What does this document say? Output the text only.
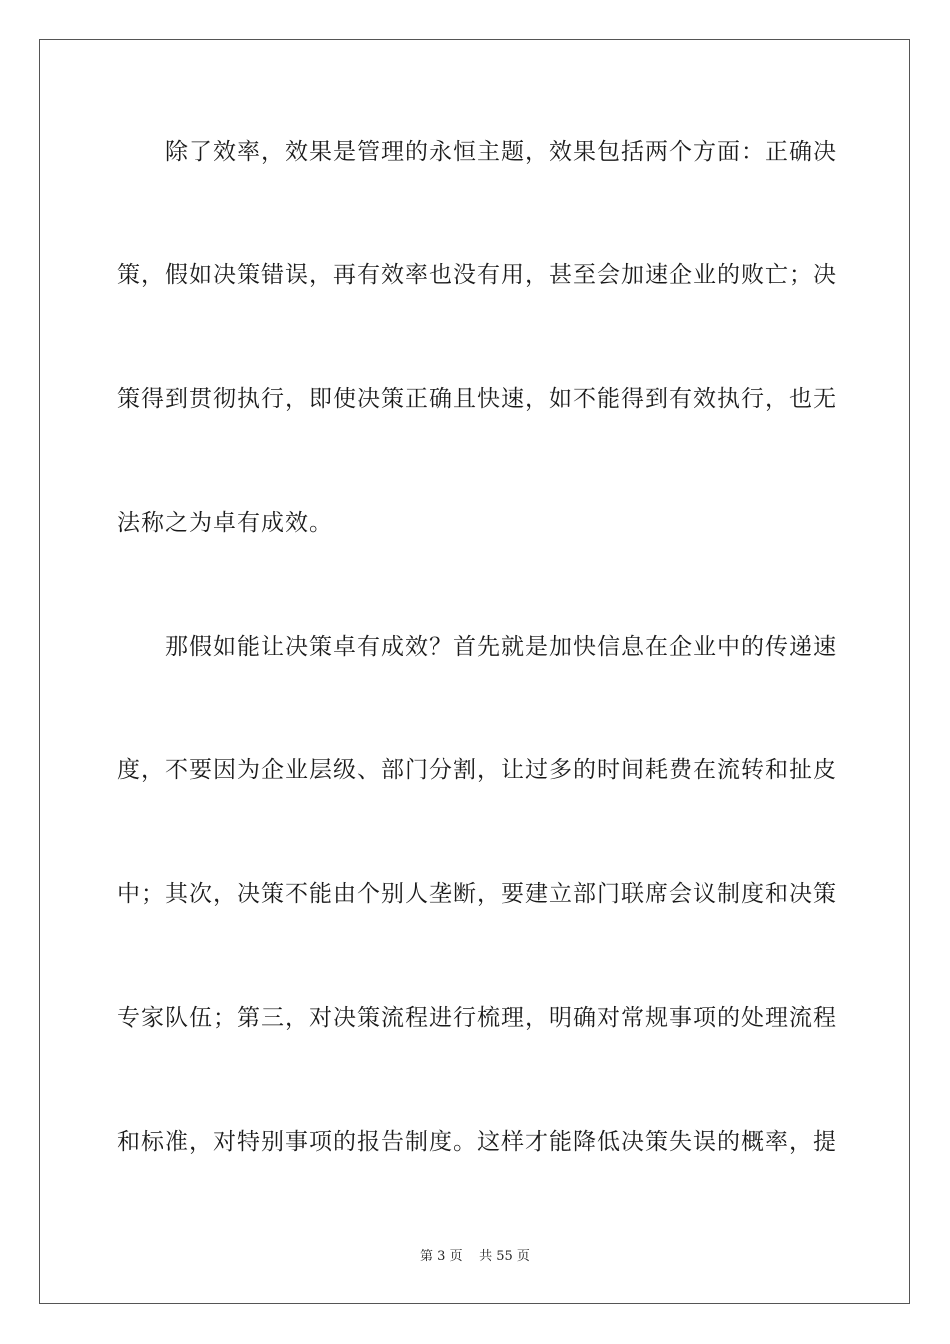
　　除了效率，效果是管理的永恒主题，效果包括两个方面：正确决
策，假如决策错误，再有效率也没有用，甚至会加速企业的败亡；决
策得到贯彻执行，即使决策正确且快速，如不能得到有效执行，也无
法称之为卓有成效。
　　那假如能让决策卓有成效？首先就是加快信息在企业中的传递速
度，不要因为企业层级、部门分割，让过多的时间耗费在流转和扯皮
中；其次，决策不能由个别人垄断，要建立部门联席会议制度和决策
专家队伍；第三，对决策流程进行梳理，明确对常规事项的处理流程
和标准，对特别事项的报告制度。这样才能降低决策失误的概率，提
第 3 页 共 55 页
